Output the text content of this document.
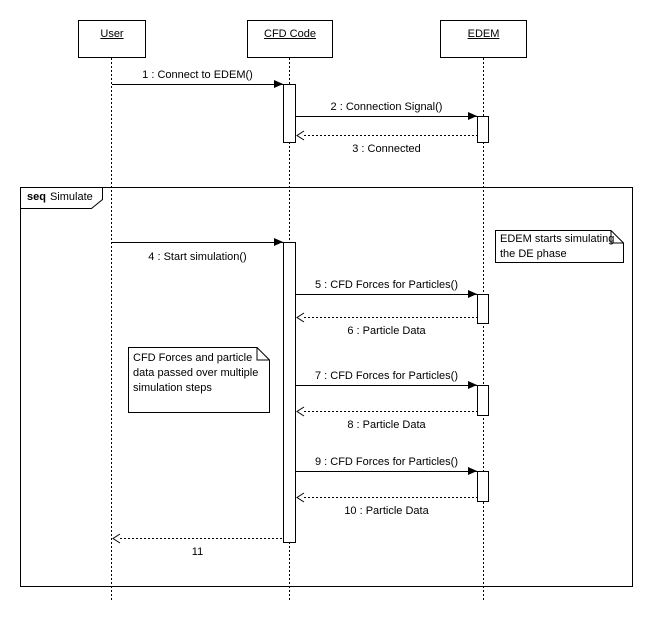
User	CFD Code	EDEM
seq Simulate
1 : Connect to EDEM()
2 : Connection Signal()
3 : Connected
4 : Start simulation()
5 : CFD Forces for Particles()
6 : Particle Data
7 : CFD Forces for Particles()
8 : Particle Data
9 : CFD Forces for Particles()
10 : Particle Data
11
EDEM starts simulating
the DE phase
CFD Forces and particle
data passed over multiple
simulation steps
